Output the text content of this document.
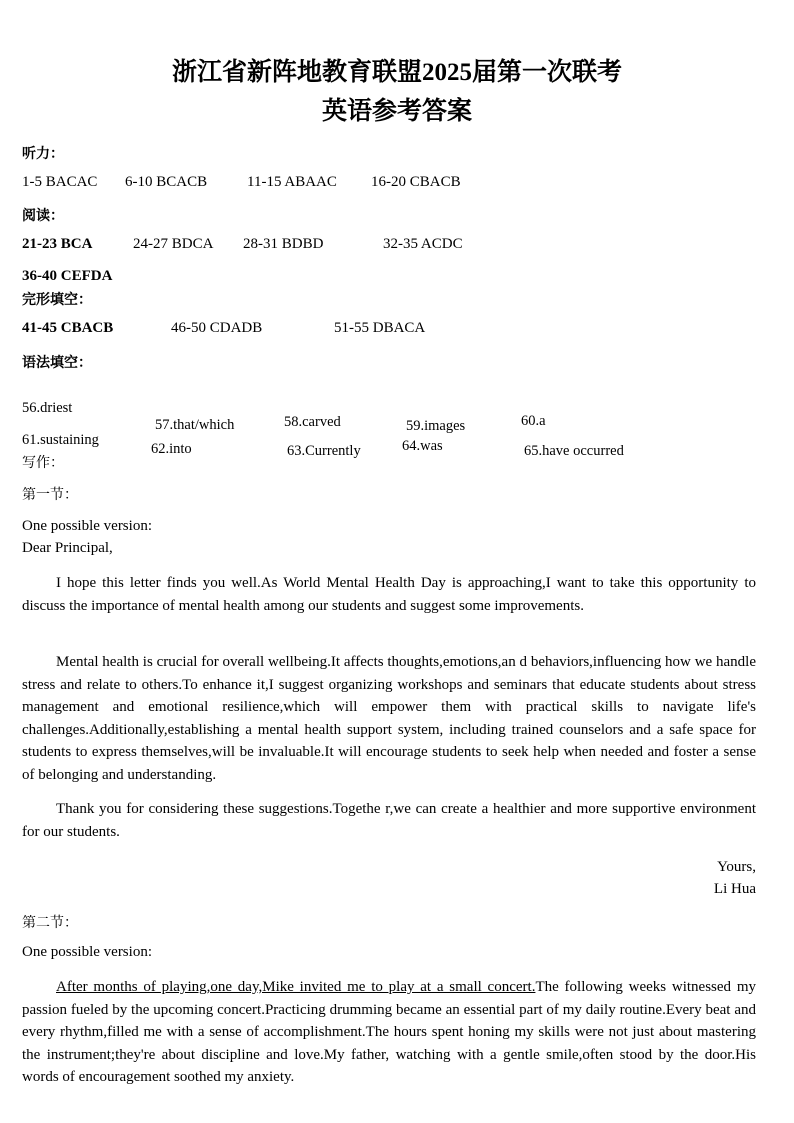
浙江省新阵地教育联盟2025届第一次联考
英语参考答案
听力：
1-5 BACAC 6-10 BCACB	11-15 ABAAC 16-20 CBACB
阅读：
21-23 BCA	24-27 BDCA 28-31 BDBD	32-35 ACDC
36-40 CEFDA
完形填空：
41-45 CBACB	46-50 CDADB	51-55 DBACA
语法填空：
56.driest
57.that/which	58.carved	59.images	60.a
61.sustaining
62.into	63.Currently	64.was	65.have occurred
写作：
第一节：
One possible version:
Dear Principal,
I hope this letter finds you well.As World Mental Health Day is approaching,I want to take this opportunity to discuss the importance of mental health among our students and suggest some improvements.
Mental health is crucial for overall wellbeing.It affects thoughts,emotions,an d behaviors,influencing how we handle stress and relate to others.To enhance it,I suggest organizing workshops and seminars that educate students about stress management and emotional resilience,which will empower them with practical skills to navigate life's challenges.Additionally,establishing a mental health support system, including trained counselors and a safe space for students to express themselves,will be invaluable.It will encourage students to seek help when needed and foster a sense of belonging and understanding.
Thank you for considering these suggestions.Togethe r,we can create a healthier and more supportive environment for our students.
Yours,
Li Hua
第二节：
One possible version:
After months of playing,one day,Mike invited me to play at a small concert.The following weeks witnessed my passion fueled by the upcoming concert.Practicing drumming became an essential part of my daily routine.Every beat and every rhythm,filled me with a sense of accomplishment.The hours spent honing my skills were not just about mastering the instrument;they're about discipline and love.My father, watching with a gentle smile,often stood by the door.His words of encouragement soothed my anxiety.
